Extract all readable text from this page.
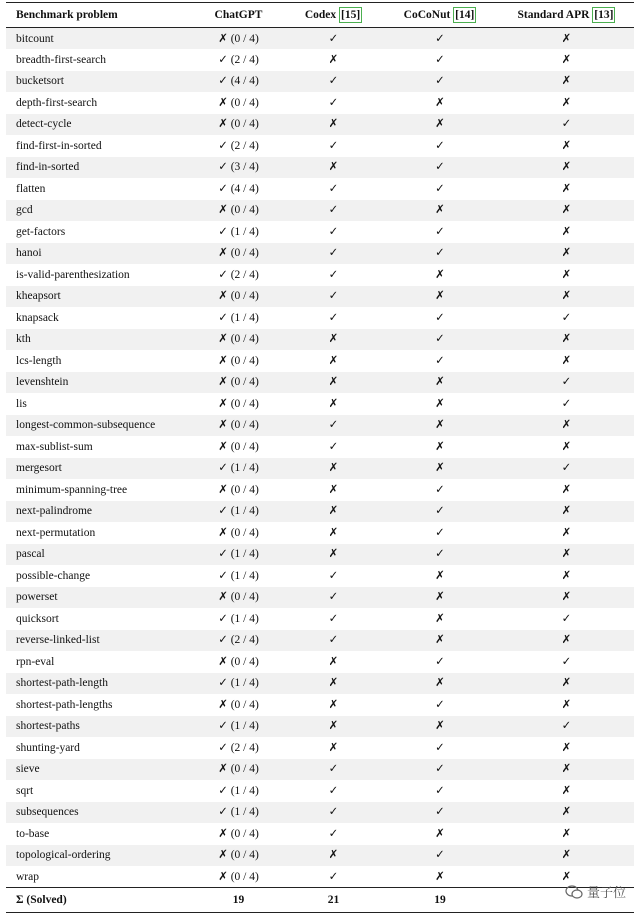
Benchmark problem	ChatGPT	Codex [15]	CoCoNut [14]	Standard APR [13]
bitcount	✗ (0 / 4)	✓	✓	✗
breadth-first-search	✓ (2 / 4)	✗	✓	✗
bucketsort	✓ (4 / 4)	✓	✓	✗
depth-first-search	✗ (0 / 4)	✓	✗	✗
detect-cycle	✗ (0 / 4)	✗	✗	✓
find-first-in-sorted	✓ (2 / 4)	✓	✓	✗
find-in-sorted	✓ (3 / 4)	✗	✓	✗
flatten	✓ (4 / 4)	✓	✓	✗
gcd	✗ (0 / 4)	✓	✗	✗
get-factors	✓ (1 / 4)	✓	✓	✗
hanoi	✗ (0 / 4)	✓	✓	✗
is-valid-parenthesization	✓ (2 / 4)	✓	✗	✗
kheapsort	✗ (0 / 4)	✓	✗	✗
knapsack	✓ (1 / 4)	✓	✓	✓
kth	✗ (0 / 4)	✗	✓	✗
lcs-length	✗ (0 / 4)	✗	✓	✗
levenshtein	✗ (0 / 4)	✗	✗	✓
lis	✗ (0 / 4)	✗	✗	✓
longest-common-subsequence	✗ (0 / 4)	✓	✗	✗
max-sublist-sum	✗ (0 / 4)	✓	✗	✗
mergesort	✓ (1 / 4)	✗	✗	✓
minimum-spanning-tree	✗ (0 / 4)	✗	✓	✗
next-palindrome	✓ (1 / 4)	✗	✓	✗
next-permutation	✗ (0 / 4)	✗	✓	✗
pascal	✓ (1 / 4)	✗	✓	✗
possible-change	✓ (1 / 4)	✓	✗	✗
powerset	✗ (0 / 4)	✓	✗	✗
quicksort	✓ (1 / 4)	✓	✗	✓
reverse-linked-list	✓ (2 / 4)	✓	✗	✗
rpn-eval	✗ (0 / 4)	✗	✓	✓
shortest-path-length	✓ (1 / 4)	✗	✗	✗
shortest-path-lengths	✗ (0 / 4)	✗	✓	✗
shortest-paths	✓ (1 / 4)	✗	✗	✓
shunting-yard	✓ (2 / 4)	✗	✓	✗
sieve	✗ (0 / 4)	✓	✓	✗
sqrt	✓ (1 / 4)	✓	✓	✗
subsequences	✓ (1 / 4)	✓	✓	✗
to-base	✗ (0 / 4)	✓	✗	✗
topological-ordering	✗ (0 / 4)	✗	✓	✗
wrap	✗ (0 / 4)	✓	✗	✗
Σ (Solved)	19	21	19		量子位
